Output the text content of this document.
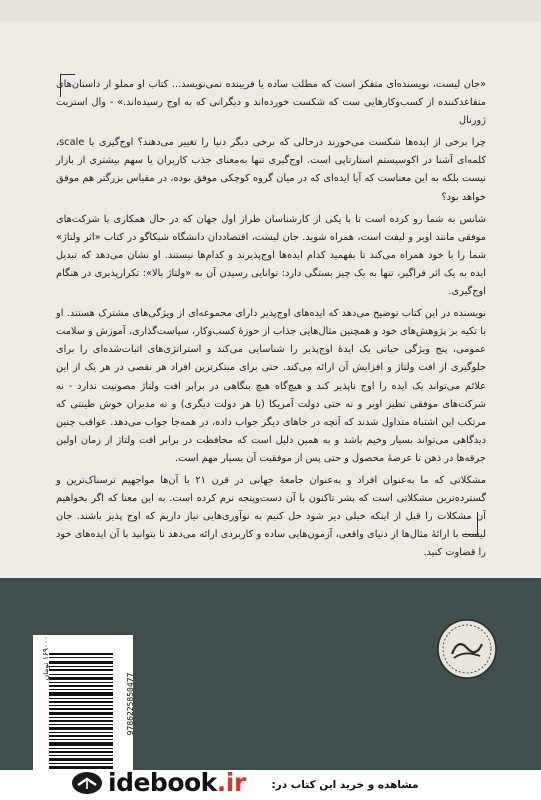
«جان لیست، نویسنده‌ای متفکر است که مطلب ساده یا فریبنده نمی‌نویسد... کتاب او مملو از داستان‌های متقاعدکننده از کسب‌وکارهایی ست که شکست خورده‌اند و دیگرانی که به اوج رسیده‌اند.» - وال استریت ژورنال

چرا برخی از ایده‌ها شکست می‌خورند درحالی که برخی دیگر دنیا را تغییر می‌دهند؟ اوج‌گیری یا scale، کلمه‌ای آشنا در اکوسیستم استارتاپی است. اوج‌گیری تنها به‌معنای جذب کاربران یا سهم بیشتری از بازار نیست بلکه به این معناست که آیا ایده‌ای که در میان گروه کوچکی موفق بوده، در مقیاس بزرگتر هم موفق خواهد بود؟

شانس به شما رو کرده است تا با یکی از کارشناسان طراز اول جهان که در حال همکاری با شرکت‌های موفقی مانند اوبر و لیفت است، همراه شوید. جان لیست، اقتصاددان دانشگاه شیکاگو در کتاب «اثر ولتاژ» شما را با خود همراه می‌کند تا بفهمید کدام ایده‌ها اوج‌پذیرند و کدام‌ها نیستند. او نشان می‌دهد که تبدیل ایده به یک اثر فراگیر، تنها به یک چیز بستگی دارد: توانایی رسیدن آن به «ولتاژ بالا»: تکرارپذیری در هنگام اوج‌گیری.

نویسنده در این کتاب توضیح می‌دهد که ایده‌های اوج‌پذیر دارای مجموعه‌ای از ویژگی‌های مشترک هستند. او با تکیه بر پژوهش‌های خود و همچنین مثال‌هایی جذاب از حوزهٔ کسب‌وکار، سیاست‌گذاری، آموزش و سلامت عمومی، پنج ویژگی حیاتی یک ایدهٔ اوج‌پذیر را شناسایی می‌کند و استراتژی‌های اثبات‌شده‌ای را برای جلوگیری از افت ولتاژ و افزایش آن ارائه می‌کند. حتی برای مبتکرترین افراد هر نقصی در هر یک از این علائم می‌تواند یک ایده را اوج ناپذیر کند و هیچ‌گاه هیچ بنگاهی در برابر افت ولتاژ مصونیت ندارد - نه شرکت‌های موفقی نظیر اوبر و نه حتی دولت آمریکا (یا هر دولت دیگری) و نه مدیران خوش‌ طینتی که مرتکب این اشتباه متداول شدند که آنچه در جاهای دیگر جواب داده، در همه‌جا جواب می‌دهد. عواقب چنین دیدگاهی می‌تواند بسیار وخیم باشد و به همین دلیل است که محافظت در برابر افت ولتاژ از زمان اولین جرقه‌ها در ذهن تا عرضهٔ محصول و حتی پس از موفقیت آن بسیار مهم است.

مشکلاتی که ما به‌عنوان افراد و به‌عنوان جامعهٔ جهانی در قرن ۲۱ با آن‌ها مواجهیم ترسناک‌ترین و گسترده‌ترین مشکلاتی است که بشر تاکنون با آن دست‌وپنجه نرم کرده است. به این معنا که اگر بخواهیم آن مشکلات را قبل از اینکه خیلی دیر شود حل کنیم به نوآوری‌هایی نیاز داریم که اوج پذیر باشند. جان لیست با ارائهٔ مثال‌ها از دنیای واقعی، آزمون‌هایی ساده و کاربردی ارائه می‌دهد تا بتوانید با آن ایده‌های خود را قضاوت کنید.

9786225850477
۱۶۹۰۰۰ تومان
مشاهده و خرید این کتاب در:
idebook.ir
